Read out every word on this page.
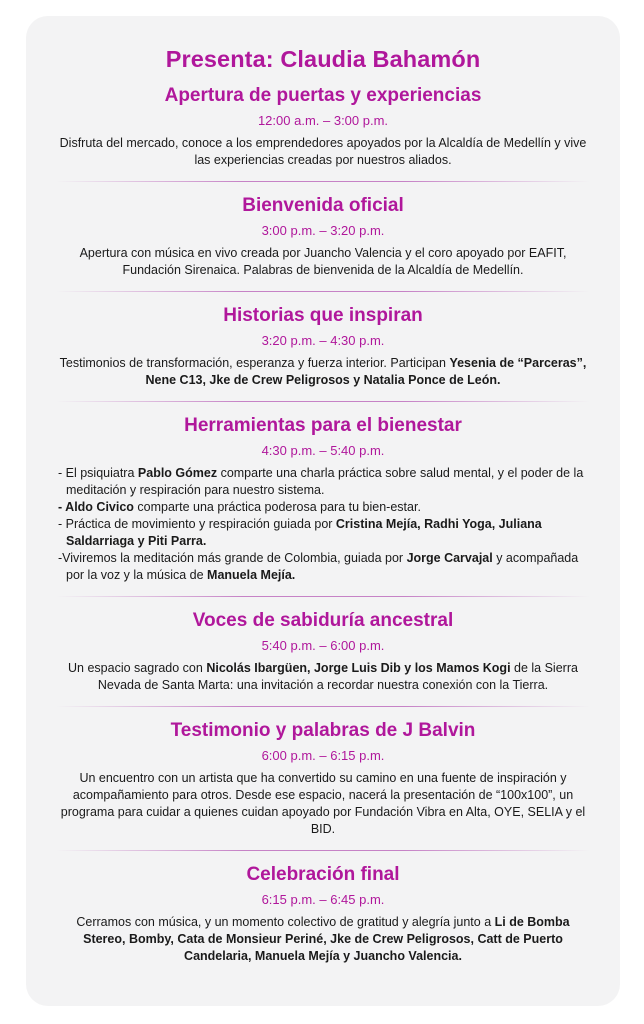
Presenta: Claudia Bahamón
Apertura de puertas y experiencias
12:00 a.m. – 3:00 p.m.

Disfruta del mercado, conoce a los emprendedores apoyados por la Alcaldía de Medellín y vive las experiencias creadas por nuestros aliados.

Bienvenida oficial
3:00 p.m. – 3:20 p.m.

Apertura con música en vivo creada por Juancho Valencia y el coro apoyado por EAFIT, Fundación Sirenaica. Palabras de bienvenida de la Alcaldía de Medellín.

Historias que inspiran
3:20 p.m. – 4:30 p.m.

Testimonios de transformación, esperanza y fuerza interior. Participan Yesenia de “Parceras”, Nene C13, Jke de Crew Peligrosos y Natalia Ponce de León.

Herramientas para el bienestar
4:30 p.m. – 5:40 p.m.

- El psiquiatra Pablo Gómez comparte una charla práctica sobre salud mental, y el poder de la meditación y respiración para nuestro sistema.

- Aldo Civico comparte una práctica poderosa para tu bien-estar.

- Práctica de movimiento y respiración guiada por Cristina Mejía, Radhi Yoga, Juliana Saldarriaga y Piti Parra.

-Viviremos la meditación más grande de Colombia, guiada por Jorge Carvajal y acompañada por la voz y la música de Manuela Mejía.

Voces de sabiduría ancestral
5:40 p.m. – 6:00 p.m.

Un espacio sagrado con Nicolás Ibargüen, Jorge Luis Dib y los Mamos Kogi de la Sierra Nevada de Santa Marta: una invitación a recordar nuestra conexión con la Tierra.

Testimonio y palabras de J Balvin
6:00 p.m. – 6:15 p.m.

Un encuentro con un artista que ha convertido su camino en una fuente de inspiración y acompañamiento para otros. Desde ese espacio, nacerá la presentación de “100x100”, un programa para cuidar a quienes cuidan apoyado por Fundación Vibra en Alta, OYE, SELIA y el BID.

Celebración final
6:15 p.m. – 6:45 p.m.

Cerramos con música, y un momento colectivo de gratitud y alegría junto a Li de Bomba Stereo, Bomby, Cata de Monsieur Periné, Jke de Crew Peligrosos, Catt de Puerto Candelaria, Manuela Mejía y Juancho Valencia.
